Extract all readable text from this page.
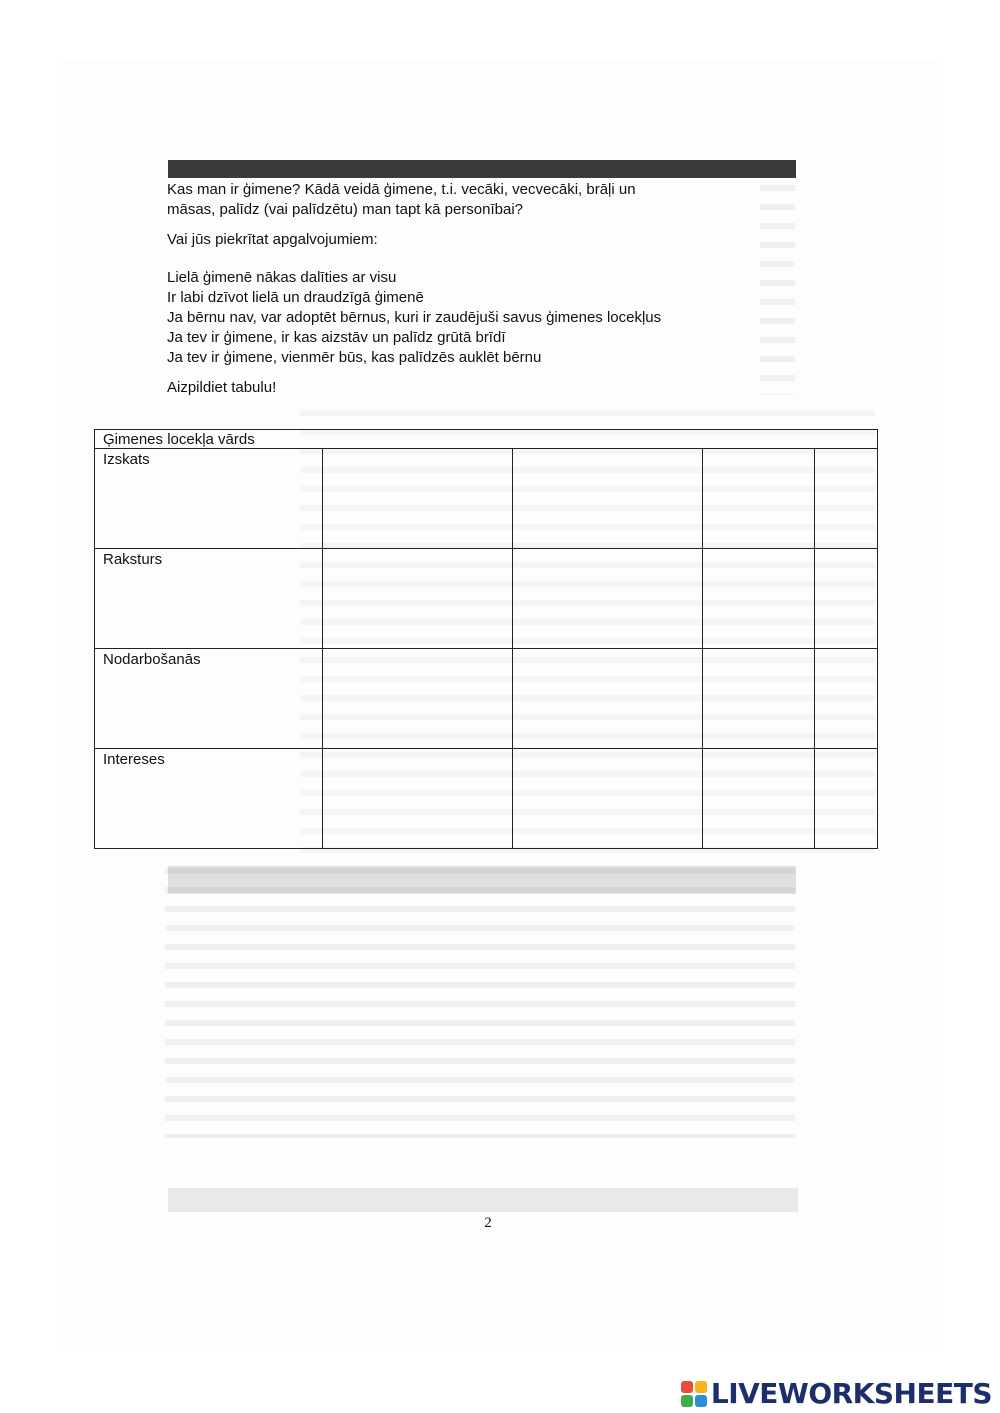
Kas man ir ģimene? Kādā veidā ģimene, t.i. vecāki, vecvecāki, brāļi un

māsas, palīdz (vai palīdzētu) man tapt kā personībai?

Vai jūs piekrītat apgalvojumiem:

Lielā ģimenē nākas dalīties ar visu

Ir labi dzīvot lielā un draudzīgā ģimenē

Ja bērnu nav, var adoptēt bērnus, kuri ir zaudējuši savus ģimenes locekļus

Ja tev ir ģimene, ir kas aizstāv un palīdz grūtā brīdī

Ja tev ir ģimene, vienmēr būs, kas palīdzēs auklēt bērnu

Aizpildiet tabulu!

Ģimenes locekļa vārds				
Izskats				
Raksturs				
Nodarbošanās				
Intereses				
2
LIVEWORKSHEETS
